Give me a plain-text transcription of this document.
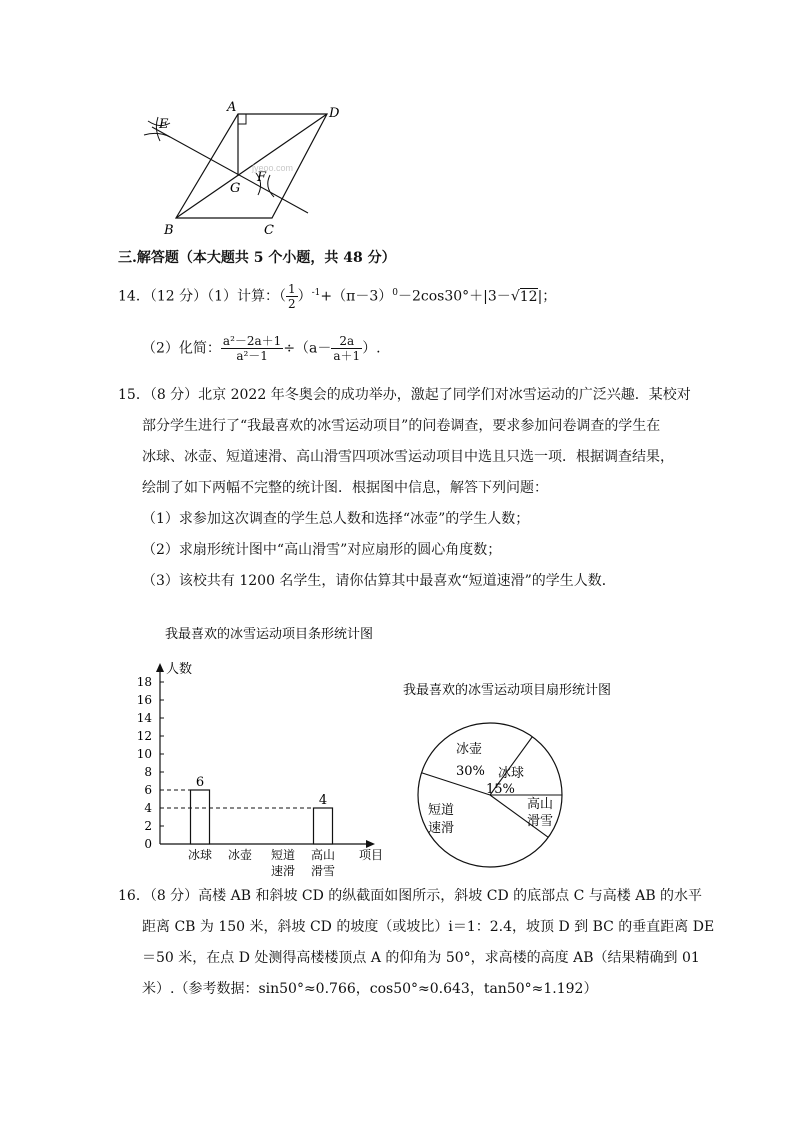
jyeoo.com
A	D
E
F
G
B	C
三.解答题（本大题共 5 个小题，共 48 分）
14．（12 分）（1）计算：（ $\frac{1}{2} )^{-1}+(\pi-3)^0-2\cos 30^\circ+|3-√12|$；
（2）化简： $\frac{\text{a²－2a＋1}}{\text{a²－1}} \div(a- \frac{2a}{a+1}$ ）.
15．（8 分）北京 2022 年冬奥会的成功举办，激起了同学们对冰雪运动的广泛兴趣．某校对
部分学生进行了“我最喜欢的冰雪运动项目”的问卷调查，要求参加问卷调查的学生在
冰球、冰壶、短道速滑、高山滑雪四项冰雪运动项目中选且只选一项．根据调查结果，
绘制了如下两幅不完整的统计图．根据图中信息，解答下列问题：
（1）求参加这次调查的学生总人数和选择“冰壶”的学生人数；
（2）求扇形统计图中“高山滑雪”对应扇形的圆心角度数；
（3）该校共有 1200 名学生，请你估算其中最喜欢“短道速滑”的学生人数．
我最喜欢的冰雪运动项目条形统计图
人数
项目
0
2
4
6
8
10
12
14
16
18
6
冰球 冰壶 短道
速滑
4
高山
滑雪
我最喜欢的冰雪运动项目扇形统计图
冰壶
30% 冰球
15%
高山
滑雪
短道
速滑
16．（8 分）高楼 AB 和斜坡 CD 的纵截面如图所示，斜坡 CD 的底部点 C 与高楼 AB 的水平
距离 CB 为 150 米，斜坡 CD 的坡度（或坡比）i＝1：2.4，坡顶 D 到 BC 的垂直距离 DE
＝50 米，在点 D 处测得高楼楼顶点 A 的仰角为 50°，求高楼的高度 AB（结果精确到 01
米）.（参考数据：sin50°≈0.766，cos50°≈0.643，tan50°≈1.192）
